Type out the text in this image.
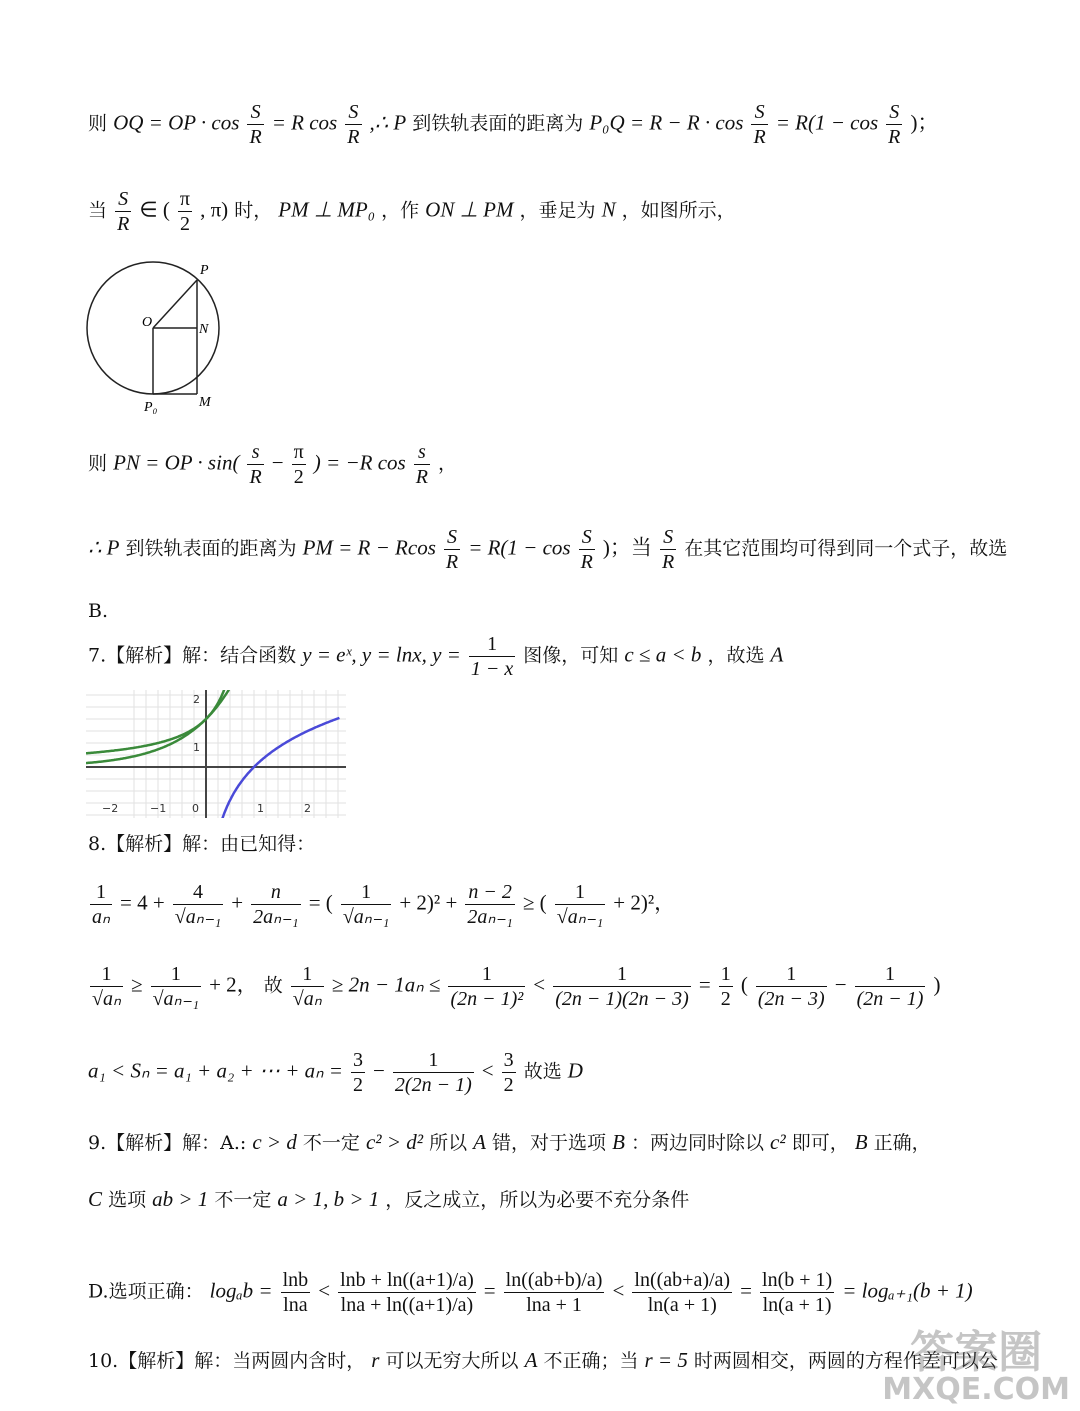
则 OQ = OP · $\cos \frac{S}{R} = R$ $\cos \frac{S}{R}$ ,∴ P 到铁轨表面的距离为 $P_0Q = R - R \cdot \cos \frac{S}{R} = R(1 - \cos \frac{S}{R}$ )；
当 $\frac{S}{R}$ ∈ ( $\frac{\pi}{2}$ , π) 时， PM ⊥ MP₀ ，作 ON ⊥ PM ，垂足为 N ，如图所示，
P
O	N
P₀	M
则 PN = OP · $\sin( \frac{s}{R} - \frac{\pi}{2}$ ) = −R $\cos \frac{s}{R}$ ，
∴ P 到铁轨表面的距离为 PM = R − Rcos $\frac{S}{R} = R(1 - \cos \frac{S}{R}$ )；当 $\frac{S}{R}$ 在其它范围均可得到同一个式子，故选
B.
7.【解析】解：结合函数 y = eˣ, y = lnx, $y = \frac{1}{1 - x}$ 图像，可知 c ≤ a < b ，故选 A
−2	−1 0	1	2
2
1
8.【解析】解：由已知得：
$\frac{1}{\text{aₙ}} = 4 + \frac{4}{\text{√aₙ₋₁}} + \frac{n}{\text{2aₙ₋₁}}$ = ( $\frac{1}{\text{√aₙ₋₁}} + 2)^2 + \frac{n - 2}{\text{2aₙ₋₁}}$ ≥ ( $\frac{1}{\text{√aₙ₋₁}} + 2)^2$，
$\frac{1}{\text{√aₙ}} \ge \frac{1}{\text{√aₙ₋₁}} + 2$， 故 $\frac{1}{\text{√aₙ}} \ge 2n - 1a_n \le \frac{1}{\text{(2n − 1)²}} < \frac{1}{(2n - 1)(2n - 3)} = \frac{1}{2}$ ( $\frac{1}{(2n - 3)} - \frac{1}{(2n - 1)}$ )
a₁ < Sₙ = a₁ + a₂ + ⋯ + $a_n = \frac{3}{2} - \frac{1}{2(2n - 1)} < \frac{3}{2}$ 故选 D
9.【解析】解：A.: c > d 不一定 c² > d² 所以 A 错，对于选项 B ：两边同时除以 c² 即可， B 正确，
C 选项 ab > 1 不一定 a > 1, b > 1 ，反之成立，所以为必要不充分条件
D.选项正确： $\log_ab = \frac{\ln b}{\ln a} < \frac{\ln b + \ln((a+1)/a)}{\ln a + \ln((a+1)/a)} = \frac{\ln((ab+b)/a)}{\ln a + 1} < \frac{\ln((ab+a)/a)}{\ln(a + 1)} = \frac{\ln(b + 1)}{\ln(a + 1)} = \log_{a+1}(b + 1)$
10.【解析】解：当两圆内含时， r 可以无穷大所以 A 不正确；当 r = 5 时两圆相交，两圆的方程作差可以公
答案圈
MXQE.COM
